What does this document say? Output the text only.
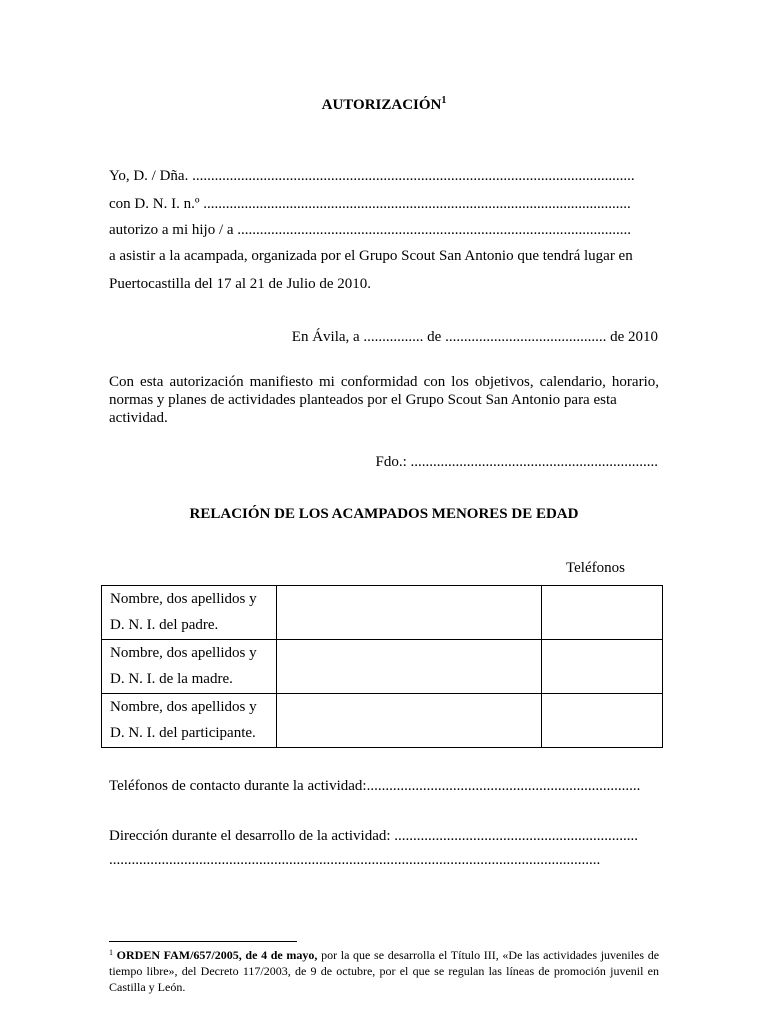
AUTORIZACIÓN$^1$
Yo, D. / Dña. ......................................................................................................................
con D. N. I. n.º ..................................................................................................................
autorizo a mi hijo / a .........................................................................................................
a asistir a la acampada, organizada por el Grupo Scout San Antonio que tendrá lugar en
Puertocastilla del 17 al 21 de Julio de 2010.
En Ávila, a ................ de ........................................... de 2010
Con esta autorización manifiesto mi conformidad con los objetivos, calendario, horario, normas y planes de actividades planteados por el Grupo Scout San Antonio para esta
actividad.
Fdo.: ..................................................................
RELACIÓN DE LOS ACAMPADOS MENORES DE EDAD
Teléfonos
Nombre, dos apellidos y
D. N. I. del padre.		

Nombre, dos apellidos y
D. N. I. de la madre.		

Nombre, dos apellidos y
D. N. I. del participante.		

Teléfonos de contacto durante la actividad:.........................................................................
Dirección durante el desarrollo de la actividad: .................................................................
...................................................................................................................................
$^1$ ORDEN FAM/657/2005, de 4 de mayo, por la que se desarrolla el Título III, «De las actividades juveniles de tiempo libre», del Decreto 117/2003, de 9 de octubre, por el que se regulan las líneas de promoción juvenil en Castilla y León.
